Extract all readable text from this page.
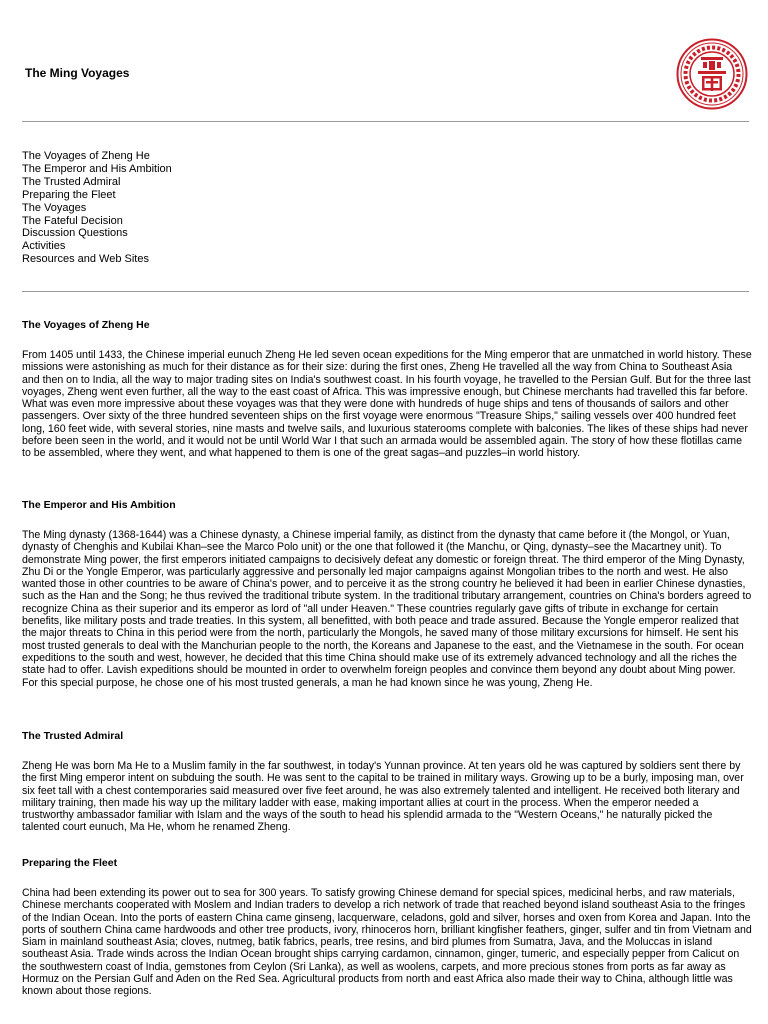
The Ming Voyages
The Voyages of Zheng He
The Emperor and His Ambition
The Trusted Admiral
Preparing the Fleet
The Voyages
The Fateful Decision
Discussion Questions
Activities
Resources and Web Sites
The Voyages of Zheng He

From 1405 until 1433, the Chinese imperial eunuch Zheng He led seven ocean expeditions for the Ming emperor that are unmatched in world history. These missions were astonishing as much for their distance as for their size: during the first ones, Zheng He travelled all the way from China to Southeast Asia and then on to India, all the way to major trading sites on India's southwest coast. In his fourth voyage, he travelled to the Persian Gulf. But for the three last voyages, Zheng went even further, all the way to the east coast of Africa. This was impressive enough, but Chinese merchants had travelled this far before. What was even more impressive about these voyages was that they were done with hundreds of huge ships and tens of thousands of sailors and other passengers. Over sixty of the three hundred seventeen ships on the first voyage were enormous "Treasure Ships," sailing vessels over 400 hundred feet long, 160 feet wide, with several stories, nine masts and twelve sails, and luxurious staterooms complete with balconies. The likes of these ships had never before been seen in the world, and it would not be until World War I that such an armada would be assembled again. The story of how these flotillas came to be assembled, where they went, and what happened to them is one of the great sagas–and puzzles–in world history.

The Emperor and His Ambition

The Ming dynasty (1368-1644) was a Chinese dynasty, a Chinese imperial family, as distinct from the dynasty that came before it (the Mongol, or Yuan, dynasty of Chenghis and Kubilai Khan–see the Marco Polo unit) or the one that followed it (the Manchu, or Qing, dynasty–see the Macartney unit). To demonstrate Ming power, the first emperors initiated campaigns to decisively defeat any domestic or foreign threat. The third emperor of the Ming Dynasty, Zhu Di or the Yongle Emperor, was particularly aggressive and personally led major campaigns against Mongolian tribes to the north and west. He also wanted those in other countries to be aware of China's power, and to perceive it as the strong country he believed it had been in earlier Chinese dynasties, such as the Han and the Song; he thus revived the traditional tribute system. In the traditional tributary arrangement, countries on China's borders agreed to recognize China as their superior and its emperor as lord of "all under Heaven." These countries regularly gave gifts of tribute in exchange for certain benefits, like military posts and trade treaties. In this system, all benefitted, with both peace and trade assured. Because the Yongle emperor realized that the major threats to China in this period were from the north, particularly the Mongols, he saved many of those military excursions for himself. He sent his most trusted generals to deal with the Manchurian people to the north, the Koreans and Japanese to the east, and the Vietnamese in the south. For ocean expeditions to the south and west, however, he decided that this time China should make use of its extremely advanced technology and all the riches the state had to offer. Lavish expeditions should be mounted in order to overwhelm foreign peoples and convince them beyond any doubt about Ming power. For this special purpose, he chose one of his most trusted generals, a man he had known since he was young, Zheng He.

The Trusted Admiral

Zheng He was born Ma He to a Muslim family in the far southwest, in today's Yunnan province. At ten years old he was captured by soldiers sent there by the first Ming emperor intent on subduing the south. He was sent to the capital to be trained in military ways. Growing up to be a burly, imposing man, over six feet tall with a chest contemporaries said measured over five feet around, he was also extremely talented and intelligent. He received both literary and military training, then made his way up the military ladder with ease, making important allies at court in the process. When the emperor needed a trustworthy ambassador familiar with Islam and the ways of the south to head his splendid armada to the "Western Oceans," he naturally picked the talented court eunuch, Ma He, whom he renamed Zheng.

Preparing the Fleet

China had been extending its power out to sea for 300 years. To satisfy growing Chinese demand for special spices, medicinal herbs, and raw materials, Chinese merchants cooperated with Moslem and Indian traders to develop a rich network of trade that reached beyond island southeast Asia to the fringes of the Indian Ocean. Into the ports of eastern China came ginseng, lacquerware, celadons, gold and silver, horses and oxen from Korea and Japan. Into the ports of southern China came hardwoods and other tree products, ivory, rhinoceros horn, brilliant kingfisher feathers, ginger, sulfer and tin from Vietnam and Siam in mainland southeast Asia; cloves, nutmeg, batik fabrics, pearls, tree resins, and bird plumes from Sumatra, Java, and the Moluccas in island southeast Asia. Trade winds across the Indian Ocean brought ships carrying cardamon, cinnamon, ginger, tumeric, and especially pepper from Calicut on the southwestern coast of India, gemstones from Ceylon (Sri Lanka), as well as woolens, carpets, and more precious stones from ports as far away as Hormuz on the Persian Gulf and Aden on the Red Sea. Agricultural products from north and east Africa also made their way to China, although little was known about those regions.
